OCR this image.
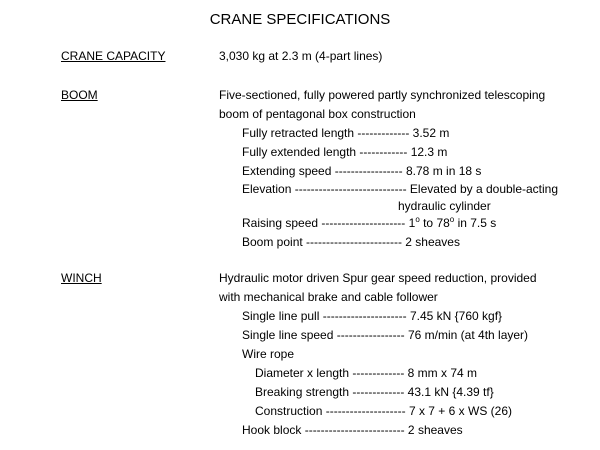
CRANE SPECIFICATIONS
CRANE CAPACITY	3,030 kg at 2.3 m (4-part lines)
BOOM	Five-sectioned, fully powered partly synchronized telescoping
boom of pentagonal box construction
Fully retracted length ------------- 3.52 m
Fully extended length ------------ 12.3 m
Extending speed ----------------- 8.78 m in 18 s
Elevation ---------------------------- Elevated by a double-acting
hydraulic cylinder
Raising speed --------------------- 1$^o$ to 78$^o$ in 7.5 s
Boom point ------------------------ 2 sheaves
WINCH	Hydraulic motor driven Spur gear speed reduction, provided
with mechanical brake and cable follower
Single line pull --------------------- 7.45 kN {760 kgf}
Single line speed ----------------- 76 m/min (at 4th layer)
Wire rope
Diameter x length ------------- 8 mm x 74 m
Breaking strength ------------- 43.1 kN {4.39 tf}
Construction -------------------- 7 x 7 + 6 x WS (26)
Hook block ------------------------- 2 sheaves
